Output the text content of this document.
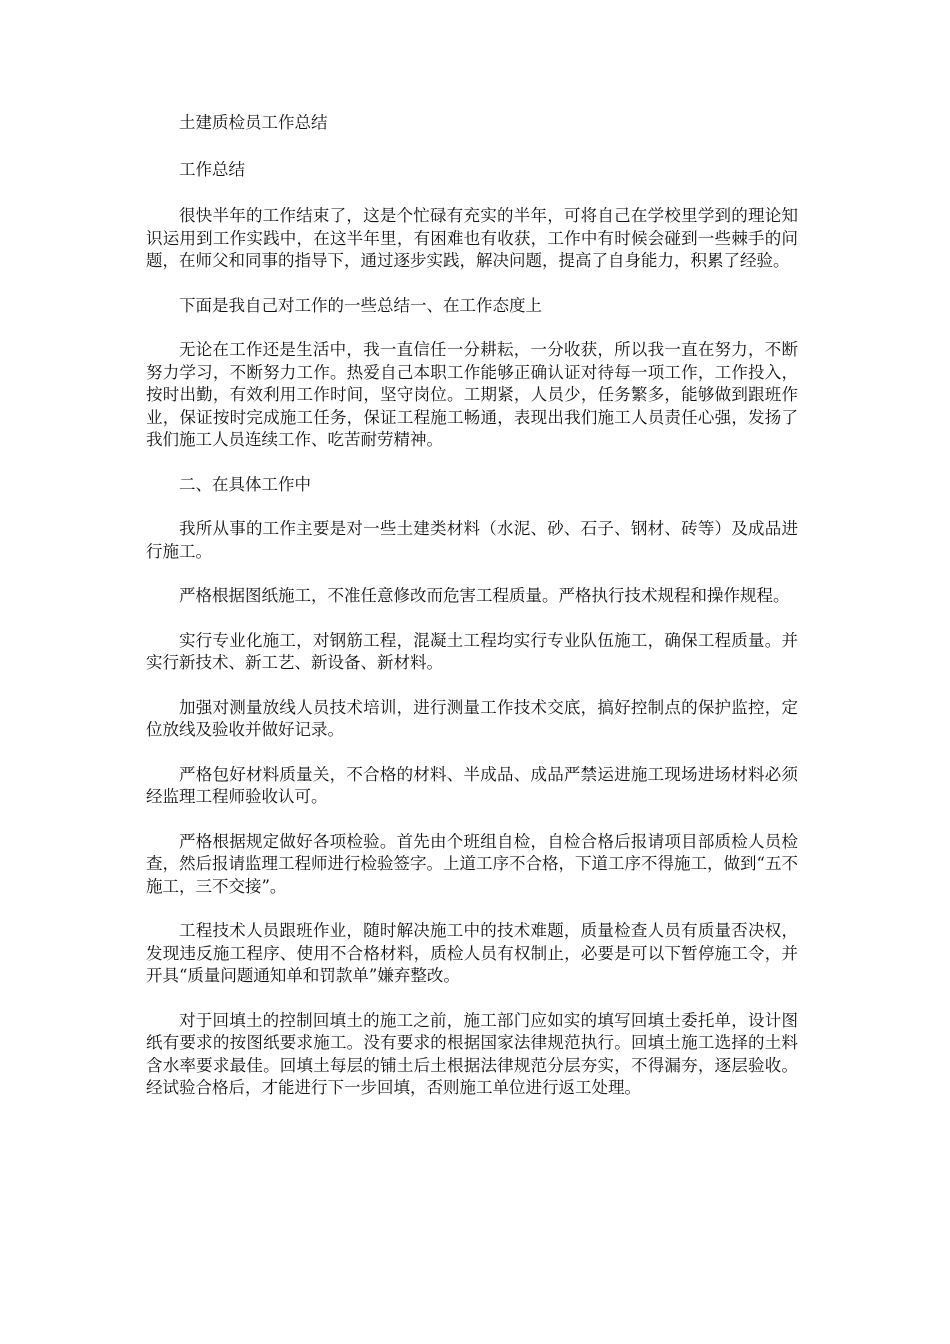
土建质检员工作总结

工作总结

很快半年的工作结束了，这是个忙碌有充实的半年，可将自己在学校里学到的理论知识运用到工作实践中，在这半年里，有困难也有收获，工作中有时候会碰到一些棘手的问题，在师父和同事的指导下，通过逐步实践，解决问题，提高了自身能力，积累了经验。

下面是我自己对工作的一些总结一、在工作态度上

无论在工作还是生活中，我一直信任一分耕耘，一分收获，所以我一直在努力，不断努力学习，不断努力工作。热爱自己本职工作能够正确认证对待每一项工作，工作投入，按时出勤，有效利用工作时间，坚守岗位。工期紧，人员少，任务繁多，能够做到跟班作业，保证按时完成施工任务，保证工程施工畅通，表现出我们施工人员责任心强，发扬了我们施工人员连续工作、吃苦耐劳精神。

二、在具体工作中

我所从事的工作主要是对一些土建类材料（水泥、砂、石子、钢材、砖等）及成品进行施工。

严格根据图纸施工，不准任意修改而危害工程质量。严格执行技术规程和操作规程。

实行专业化施工，对钢筋工程，混凝土工程均实行专业队伍施工，确保工程质量。并实行新技术、新工艺、新设备、新材料。

加强对测量放线人员技术培训，进行测量工作技术交底，搞好控制点的保护监控，定位放线及验收并做好记录。

严格包好材料质量关，不合格的材料、半成品、成品严禁运进施工现场进场材料必须经监理工程师验收认可。

严格根据规定做好各项检验。首先由个班组自检，自检合格后报请项目部质检人员检查，然后报请监理工程师进行检验签字。上道工序不合格，下道工序不得施工，做到“五不施工，三不交接”。

工程技术人员跟班作业，随时解决施工中的技术难题，质量检查人员有质量否决权，发现违反施工程序、使用不合格材料，质检人员有权制止，必要是可以下暂停施工令，并开具“质量问题通知单和罚款单”嫌弃整改。

对于回填土的控制回填土的施工之前，施工部门应如实的填写回填土委托单，设计图纸有要求的按图纸要求施工。没有要求的根据国家法律规范执行。回填土施工选择的土料含水率要求最佳。回填土每层的铺土后土根据法律规范分层夯实，不得漏夯，逐层验收。经试验合格后，才能进行下一步回填，否则施工单位进行返工处理。
